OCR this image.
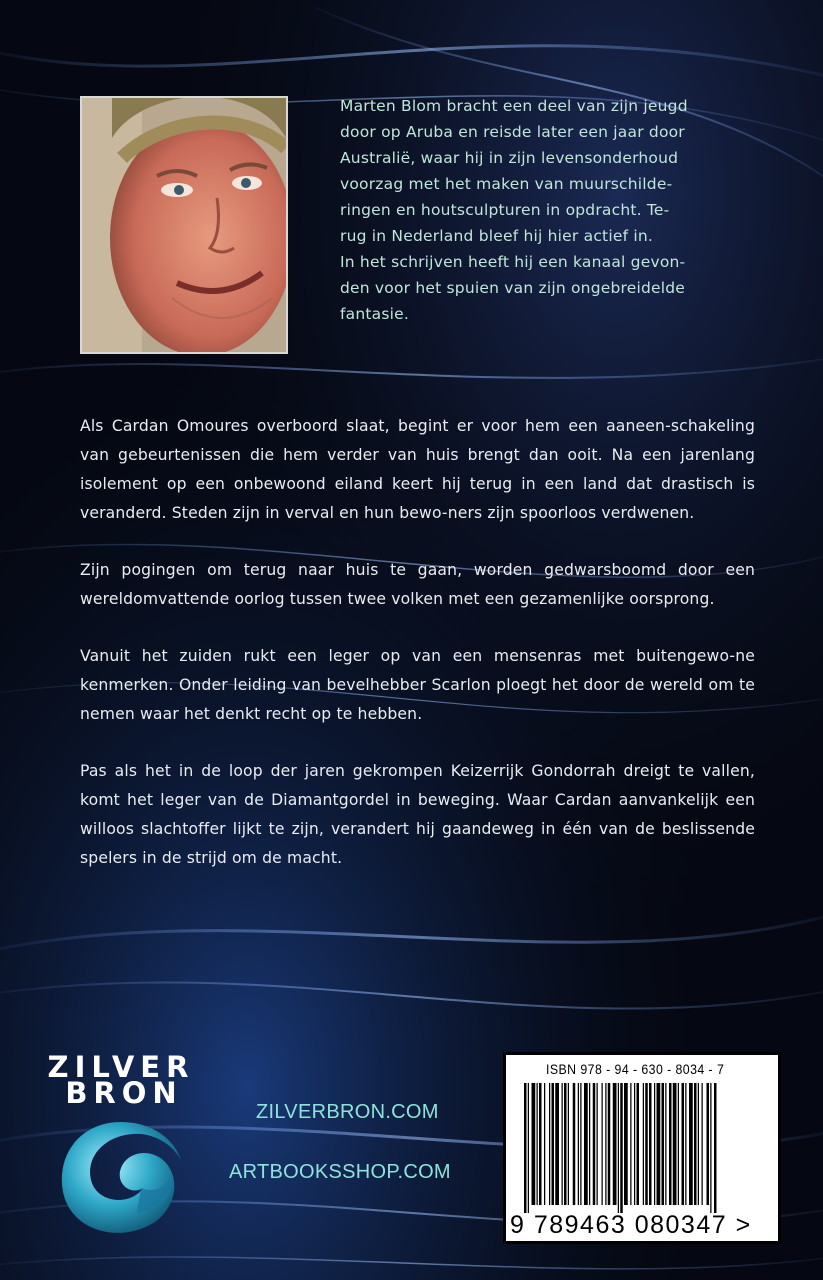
Marten Blom bracht een deel van zijn jeugd
door op Aruba en reisde later een jaar door
Australië, waar hij in zijn levensonderhoud
voorzag met het maken van muurschilde-
ringen en houtsculpturen in opdracht. Te-
rug in Nederland bleef hij hier actief in.
In het schrijven heeft hij een kanaal gevon-
den voor het spuien van zijn ongebreidelde
fantasie.

Als Cardan Omoures overboord slaat, begint er voor hem een aaneen-schakeling van gebeurtenissen die hem verder van huis brengt dan ooit. Na een jarenlang isolement op een onbewoond eiland keert hij terug in een land dat drastisch is veranderd. Steden zijn in verval en hun bewo-ners zijn spoorloos verdwenen.

Zijn pogingen om terug naar huis te gaan, worden gedwarsboomd door een wereldomvattende oorlog tussen twee volken met een gezamenlijke oorsprong.

Vanuit het zuiden rukt een leger op van een mensenras met buitengewo-ne kenmerken. Onder leiding van bevelhebber Scarlon ploegt het door de wereld om te nemen waar het denkt recht op te hebben.

Pas als het in de loop der jaren gekrompen Keizerrijk Gondorrah dreigt te vallen, komt het leger van de Diamantgordel in beweging. Waar Cardan aanvankelijk een willoos slachtoffer lijkt te zijn, verandert hij gaandeweg in één van de beslissende spelers in de strijd om de macht.

ZILVER
BRON
ZILVERBRON.COM
ARTBOOKSSHOP.COM
ISBN 978 - 94 - 630 - 8034 - 7
9 789463 080347 >
